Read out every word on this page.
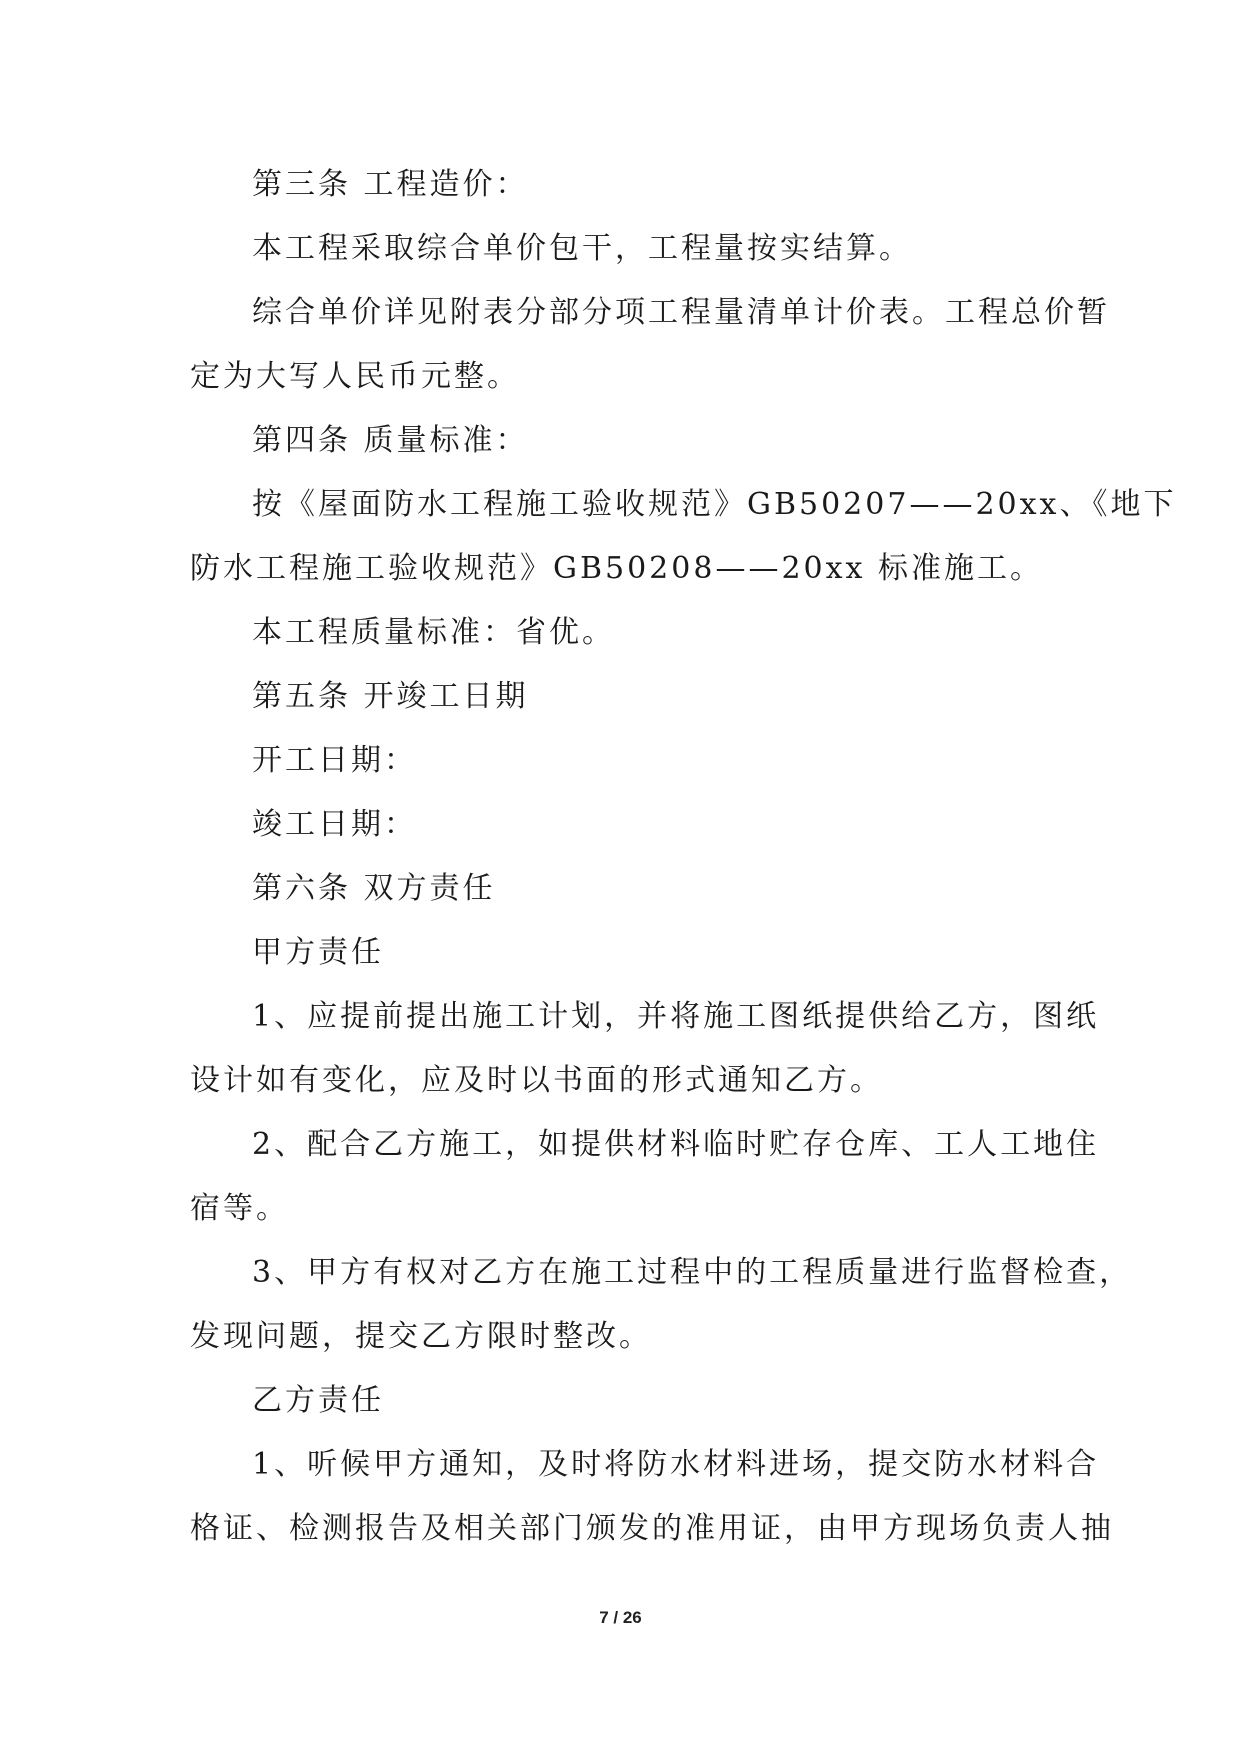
第三条 工程造价：
本工程采取综合单价包干，工程量按实结算。
综合单价详见附表分部分项工程量清单计价表。工程总价暂
定为大写人民币元整。
第四条 质量标准：
按《屋面防水工程施工验收规范》GB50207——20xx、《地下
防水工程施工验收规范》GB50208——20xx 标准施工。
本工程质量标准：省优。
第五条 开竣工日期
开工日期：
竣工日期：
第六条 双方责任
甲方责任
1、应提前提出施工计划，并将施工图纸提供给乙方，图纸
设计如有变化，应及时以书面的形式通知乙方。
2、配合乙方施工，如提供材料临时贮存仓库、工人工地住
宿等。
3、甲方有权对乙方在施工过程中的工程质量进行监督检查，
发现问题，提交乙方限时整改。
乙方责任
1、听候甲方通知，及时将防水材料进场，提交防水材料合
格证、检测报告及相关部门颁发的准用证，由甲方现场负责人抽
7 / 26
